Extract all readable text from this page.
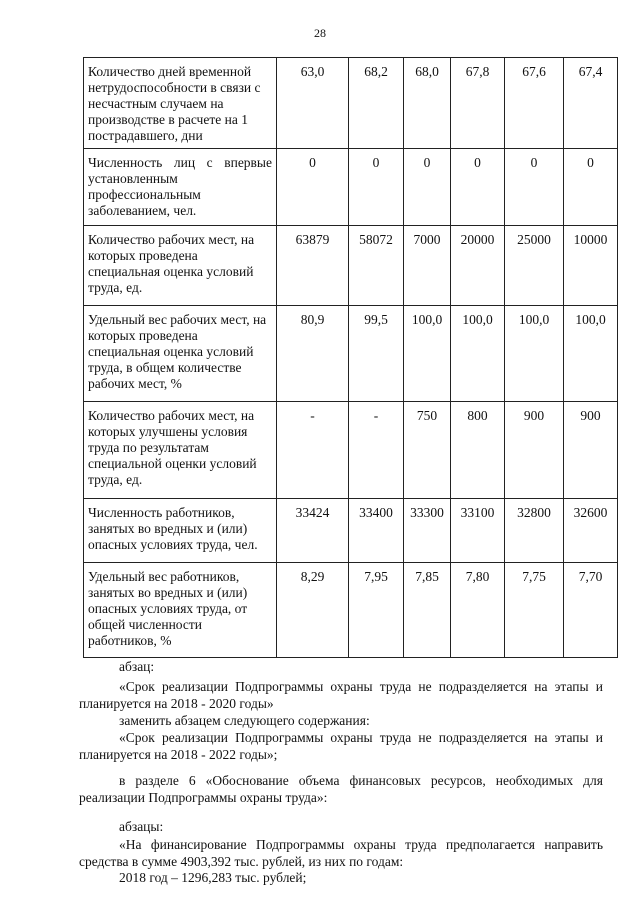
28
Количество дней временной нетрудоспособности в связи с несчастным случаем на производстве в расчете на 1 пострадавшего, дни	63,0	68,2	68,0	67,8	67,6	67,4
Численность лиц с впервые установленным профессиональным заболеванием, чел.	0	0	0	0	0	0
Количество рабочих мест, на которых проведена специальная оценка условий труда, ед.	63879	58072	7000	20000	25000	10000
Удельный вес рабочих мест, на которых проведена специальная оценка условий труда, в общем количестве рабочих мест, %	80,9	99,5	100,0	100,0	100,0	100,0
Количество рабочих мест, на которых улучшены условия труда по результатам специальной оценки условий труда, ед.	-	-	750	800	900	900
Численность работников, занятых во вредных и (или) опасных условиях труда, чел.	33424	33400	33300	33100	32800	32600
Удельный вес работников, занятых во вредных и (или) опасных условиях труда, от общей численности работников, %	8,29	7,95	7,85	7,80	7,75	7,70
абзац:
«Срок реализации Подпрограммы охраны труда не подразделяется на этапы и планируется на 2018 - 2020 годы»
заменить абзацем следующего содержания:
«Срок реализации Подпрограммы охраны труда не подразделяется на этапы и планируется на 2018 - 2022 годы»;
в разделе 6 «Обоснование объема финансовых ресурсов, необходимых для реализации Подпрограммы охраны труда»:
абзацы:
«На финансирование Подпрограммы охраны труда предполагается направить средства в сумме 4903,392 тыс. рублей, из них по годам:
2018 год – 1296,283 тыс. рублей;
